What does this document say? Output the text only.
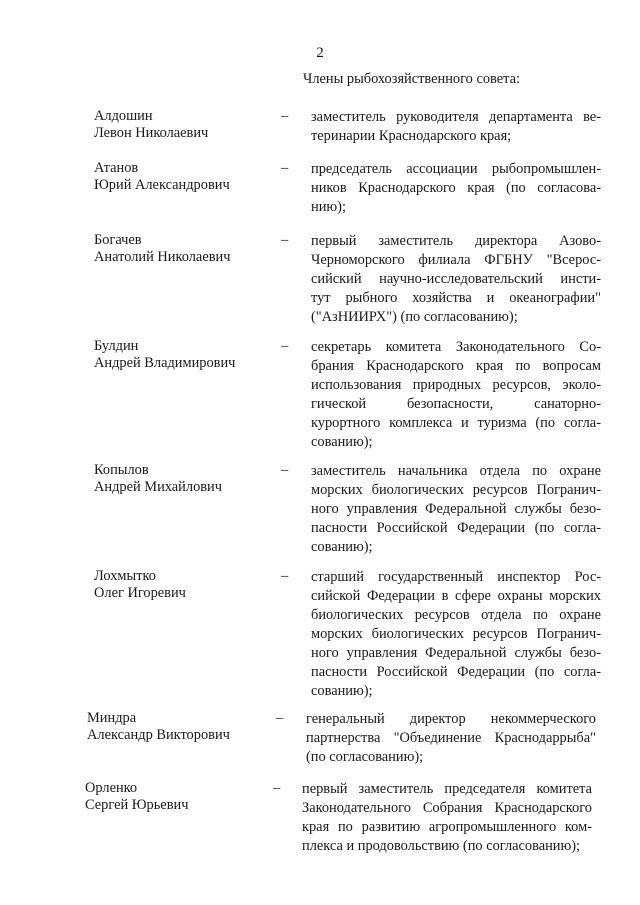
2
Члены рыбохозяйственного совета:
Алдошин
Левон Николаевич
– заместитель руководителя департамента ве-
теринарии Краснодарского края;
Атанов
Юрий Александрович
– председатель ассоциации рыбопромышлен-
ников Краснодарского края (по согласова-
нию);
Богачев
Анатолий Николаевич
– первый заместитель директора Азово-
Черноморского филиала ФГБНУ "Всерос-
сийский научно-исследовательский инсти-
тут рыбного хозяйства и океанографии"
("АзНИИРХ") (по согласованию);
Булдин
Андрей Владимирович
– секретарь комитета Законодательного Со-
брания Краснодарского края по вопросам
использования природных ресурсов, эколо-
гической безопасности, санаторно-
курортного комплекса и туризма (по согла-
сованию);
Копылов
Андрей Михайлович
– заместитель начальника отдела по охране
морских биологических ресурсов Погранич-
ного управления Федеральной службы безо-
пасности Российской Федерации (по согла-
сованию);
Лохмытко
Олег Игоревич
– старший государственный инспектор Рос-
сийской Федерации в сфере охраны морских
биологических ресурсов отдела по охране
морских биологических ресурсов Погранич-
ного управления Федеральной службы безо-
пасности Российской Федерации (по согла-
сованию);
Миндра
Александр Викторович
– генеральный директор некоммерческого
партнерства "Объединение Краснодаррыба"
(по согласованию);
Орленко
Сергей Юрьевич
– первый заместитель председателя комитета
Законодательного Собрания Краснодарского
края по развитию агропромышленного ком-
плекса и продовольствию (по согласованию);
